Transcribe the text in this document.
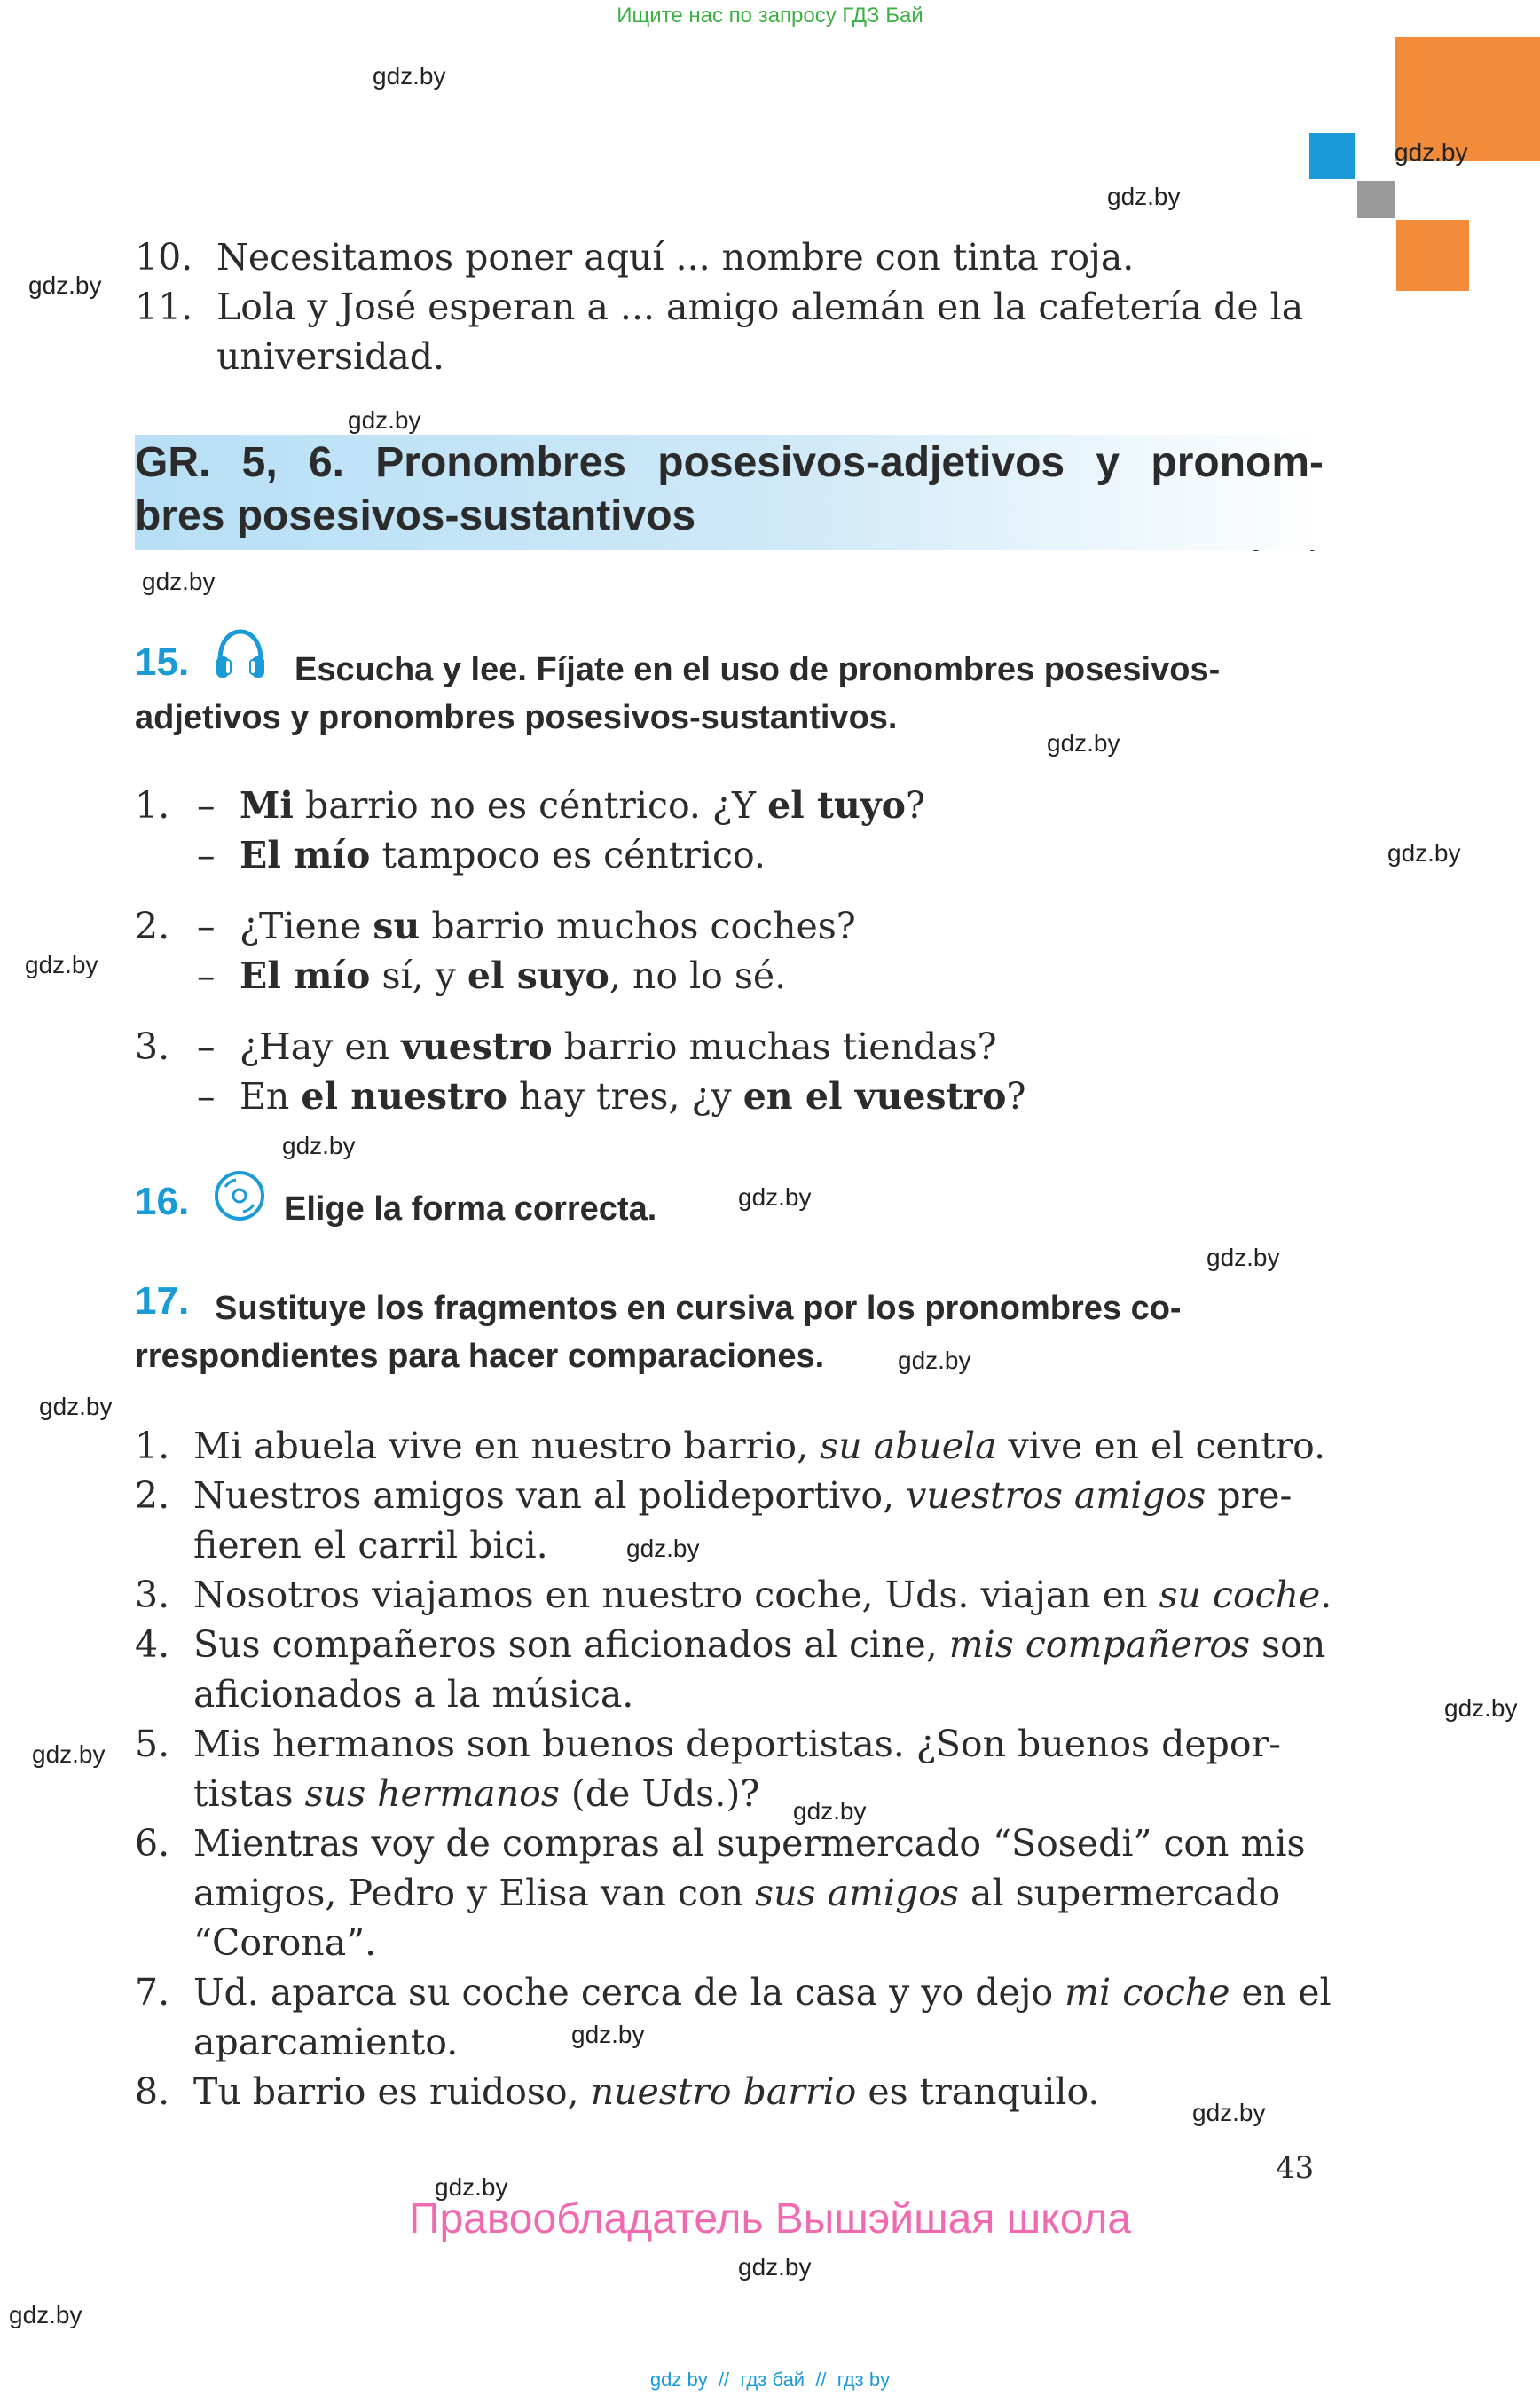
Ищите нас по запросу ГДЗ Бай
gdz.by
gdz.by
gdz.by
gdz.by
gdz.by
gdz.by
gdz.by
gdz.by
gdz.by
gdz.by
gdz.by
gdz.by
gdz.by
gdz.by
gdz.by
gdz.by
gdz.by
gdz.by
gdz.by
gdz.by
gdz.by
gdz.by
gdz.by
10. Necesitamos poner aquí ... nombre con tinta roja.
11. Lola y José esperan a ... amigo alemán en la cafetería de la
universidad.
GR. 5, 6. Pronombres posesivos-adjetivos y pronom-
bres posesivos-sustantivos
15.	Escucha y lee. Fíjate en el uso de pronombres posesivos-
adjetivos y pronombres posesivos-sustantivos.
1. – Mi barrio no es céntrico. ¿Y el tuyo?
– El mío tampoco es céntrico.
2. – ¿Tiene su barrio muchos coches?
– El mío sí, y el suyo, no lo sé.
3. – ¿Hay en vuestro barrio muchas tiendas?
– En el nuestro hay tres, ¿y en el vuestro?
16.	Elige la forma correcta.
17. Sustituye los fragmentos en cursiva por los pronombres co-
rrespondientes para hacer comparaciones.
1. Mi abuela vive en nuestro barrio, su abuela vive en el centro.
2. Nuestros amigos van al polideportivo, vuestros amigos pre-
fieren el carril bici.
3. Nosotros viajamos en nuestro coche, Uds. viajan en su coche.
4. Sus compañeros son aficionados al cine, mis compañeros son
aficionados a la música.
5. Mis hermanos son buenos deportistas. ¿Son buenos depor-
tistas sus hermanos (de Uds.)?
6. Mientras voy de compras al supermercado “Sosedi” con mis
amigos, Pedro y Elisa van con sus amigos al supermercado
“Corona”.
7. Ud. aparca su coche cerca de la casa y yo dejo mi coche en el
aparcamiento.
8. Tu barrio es ruidoso, nuestro barrio es tranquilo.
43
Правообладатель Вышэйшая школа
gdz by  //  гдз бай  //  гдз by
